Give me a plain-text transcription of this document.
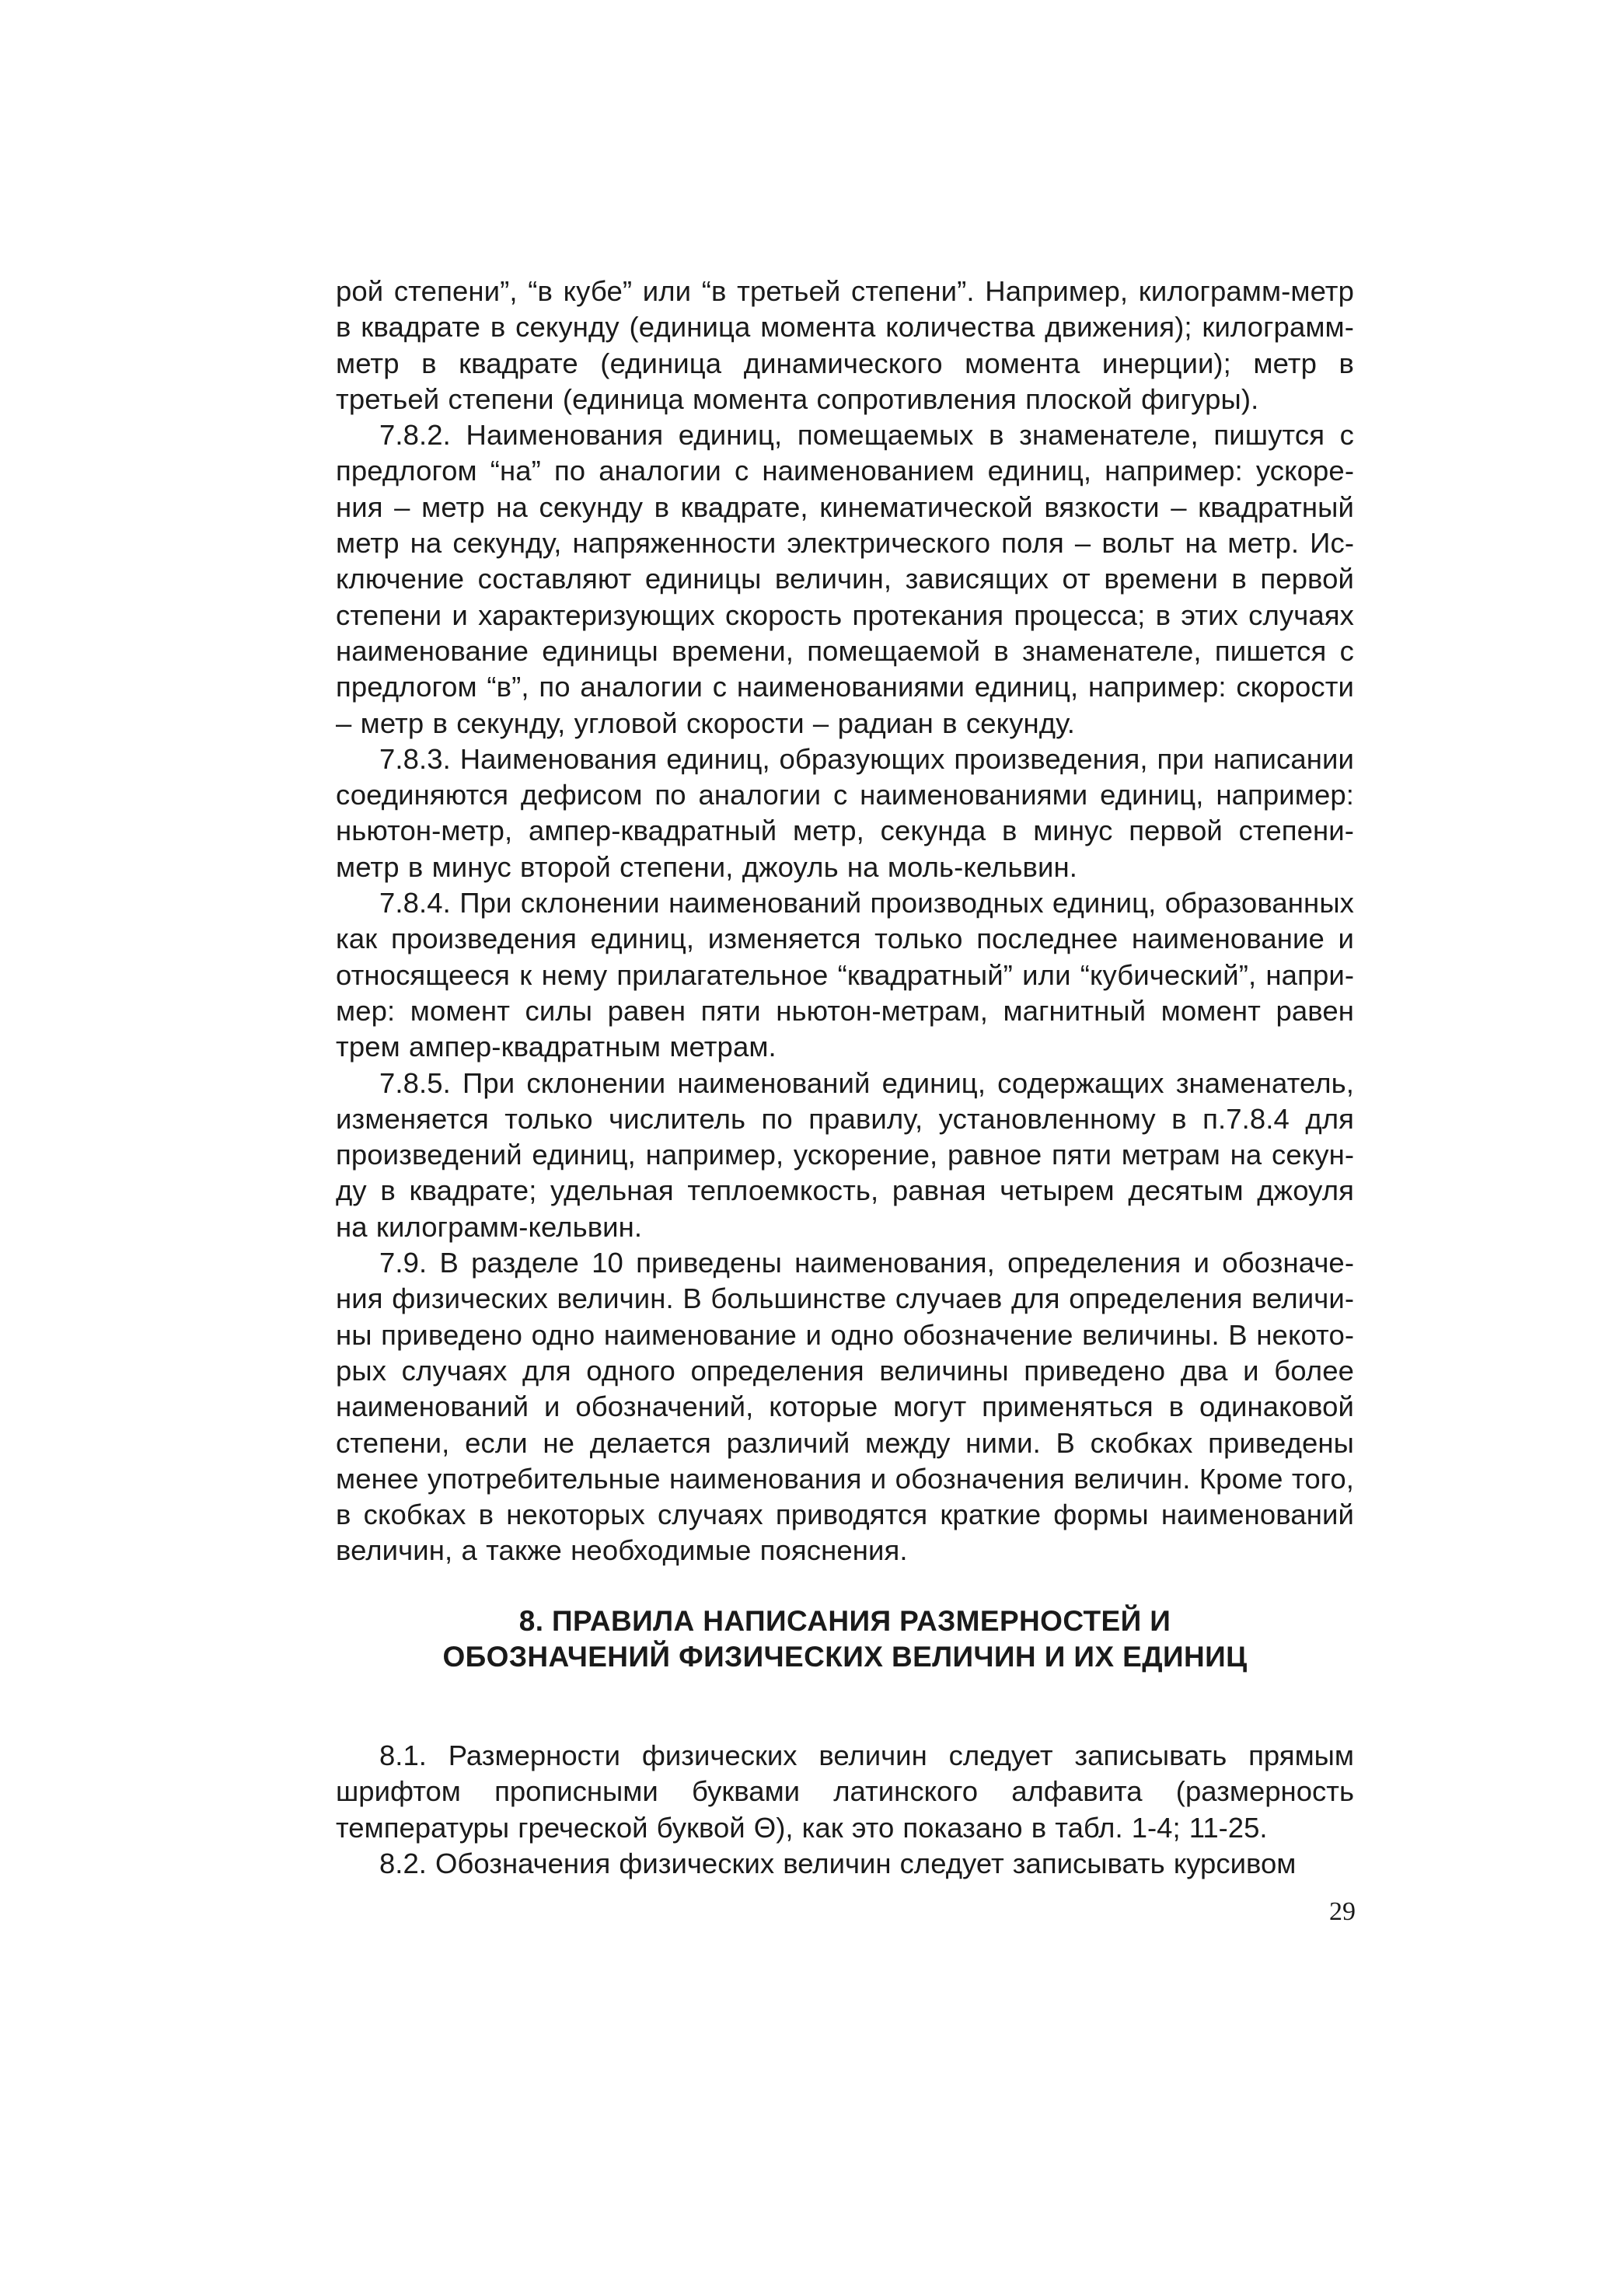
рой степени”, “в кубе” или “в третьей степени”. Например, килограмм-метр в квадрате в секунду (единица момента количества движения); килограмм-метр в квадрате (единица динамического момента инерции); метр в третьей степени (единица момента сопротивления плоской фигуры).

7.8.2. Наименования единиц, помещаемых в знаменателе, пишутся с предлогом “на” по аналогии с наименованием единиц, например: ускорения – метр на секунду в квадрате, кинематической вязкости – квадратный метр на секунду, напряженности электрического поля – вольт на метр. Исключение составляют единицы величин, зависящих от времени в первой степени и характеризующих скорость протекания процесса; в этих случаях наименование единицы времени, помещаемой в знаменателе, пишется с предлогом “в”, по аналогии с наименованиями единиц, например: скорости – метр в секунду, угловой скорости – радиан в секунду.

7.8.3. Наименования единиц, образующих произведения, при написании соединяются дефисом по аналогии с наименованиями единиц, например: ньютон-метр, ампер-квадратный метр, секунда в минус первой степени-метр в минус второй степени, джоуль на моль-кельвин.

7.8.4. При склонении наименований производных единиц, образованных как произведения единиц, изменяется только последнее наименование и относящееся к нему прилагательное “квадратный” или “кубический”, например: момент силы равен пяти ньютон-метрам, магнитный момент равен трем ампер-квадратным метрам.

7.8.5. При склонении наименований единиц, содержащих знаменатель, изменяется только числитель по правилу, установленному в п.7.8.4 для произведений единиц, например, ускорение, равное пяти метрам на секунду в квадрате; удельная теплоемкость, равная четырем десятым джоуля на килограмм-кельвин.

7.9. В разделе 10 приведены наименования, определения и обозначения физических величин. В большинстве случаев для определения величины приведено одно наименование и одно обозначение величины. В некоторых случаях для одного определения величины приведено два и более наименований и обозначений, которые могут применяться в одинаковой степени, если не делается различий между ними. В скобках приведены менее употребительные наименования и обозначения величин. Кроме того, в скобках в некоторых случаях приводятся краткие формы наименований величин, а также необходимые пояснения.

8. ПРАВИЛА НАПИСАНИЯ РАЗМЕРНОСТЕЙ И
ОБОЗНАЧЕНИЙ ФИЗИЧЕСКИХ ВЕЛИЧИН И ИХ ЕДИНИЦ

8.1. Размерности физических величин следует записывать прямым шрифтом прописными буквами латинского алфавита (размерность температуры греческой буквой Θ), как это показано в табл. 1-4; 11-25.

8.2. Обозначения физических величин следует записывать курсивом

29
